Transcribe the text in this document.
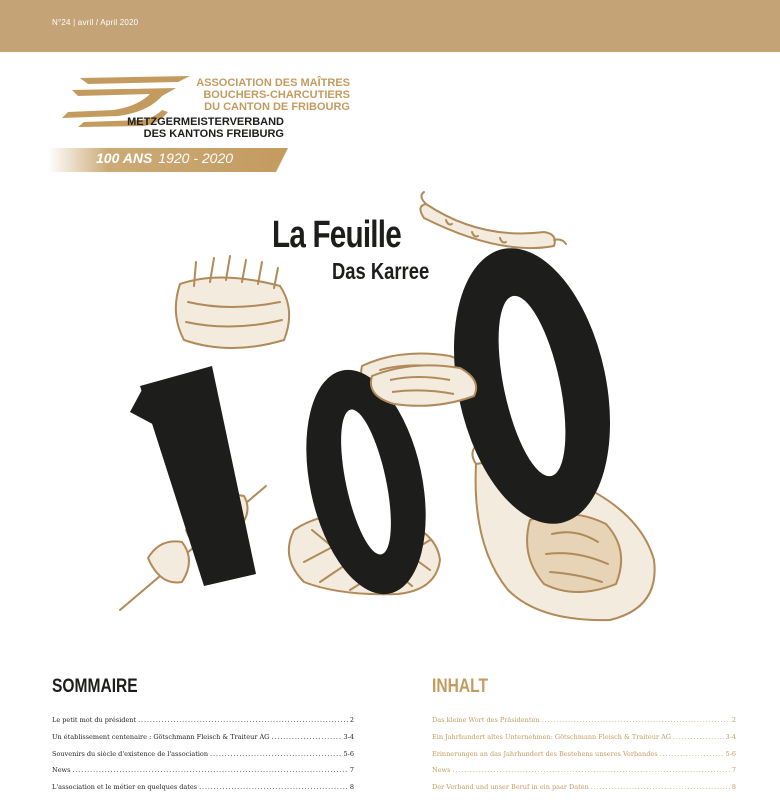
N°24 | avril / April 2020
ASSOCIATION DES MAÎTRES
BOUCHERS-CHARCUTIERS
DU CANTON DE FRIBOURG
METZGERMEISTERVERBAND
DES KANTONS FREIBURG
100 ANS 1920 - 2020
La Feuille
Das Karree
SOMMAIRE	INHALT
Le petit mot du président . . .	2
Un établissement centenaire : Götschmann Fleisch & Traiteur AG . . .	3-4
Souvenirs du siècle d'existence de l'association . . .	5-6
News . . .	7
L'association et le métier en quelques dates . . .	8
Das kleine Wort des Präsidenten . . .	2
Ein Jahrhundert altes Unternehmen: Götschmann Fleisch & Traiteur AG . . .	3-4
Erinnerungen an das Jahrhundert des Bestehens unseres Verbandes . . .	5-6
News . . .	7
Der Verband und unser Beruf in ein paar Daten . . .	8
